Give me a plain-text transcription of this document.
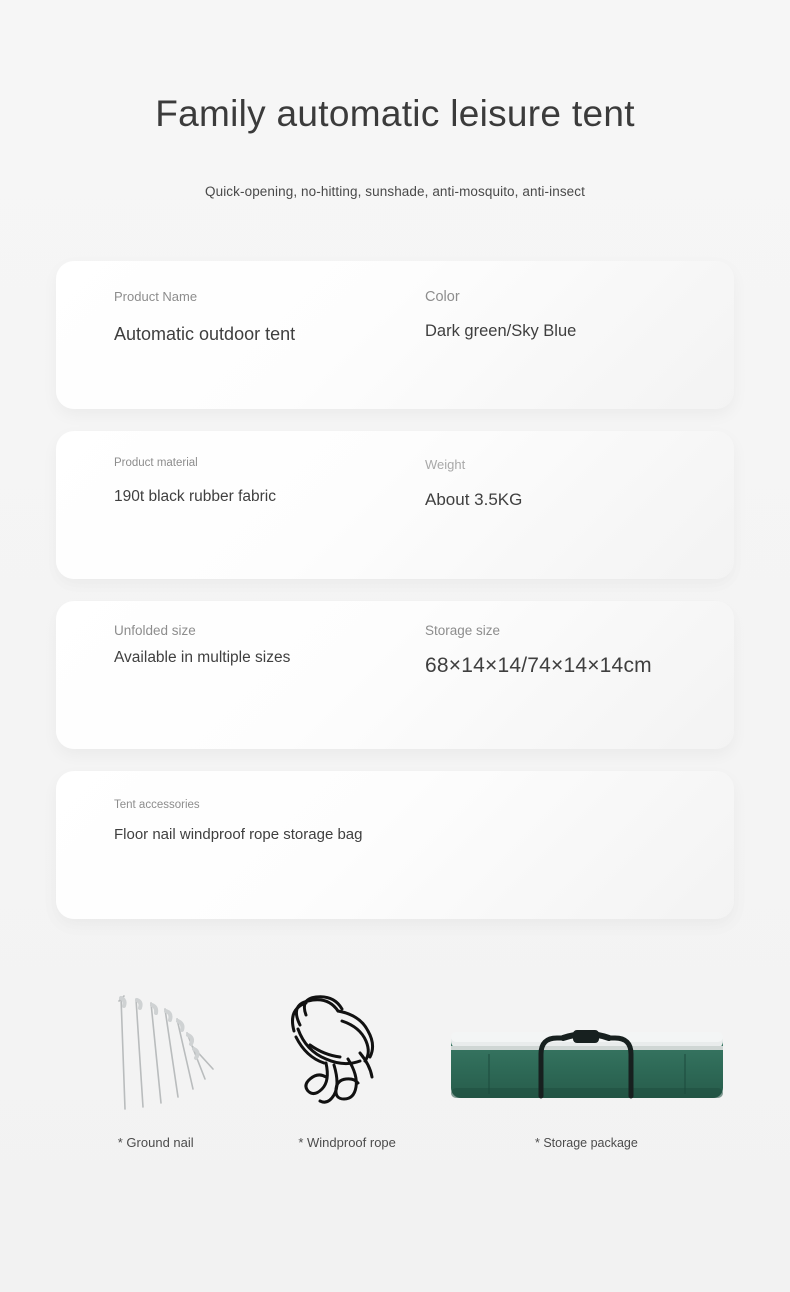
Family automatic leisure tent
Quick-opening, no-hitting, sunshade, anti-mosquito, anti-insect
Product Name
Automatic outdoor tent
Color
Dark green/Sky Blue
Product material
190t black rubber fabric
Weight
About 3.5KG
Unfolded size
Available in multiple sizes
Storage size
68×14×14/74×14×14cm
Tent accessories
Floor nail windproof rope storage bag
* Ground nail	* Windproof rope	* Storage package
